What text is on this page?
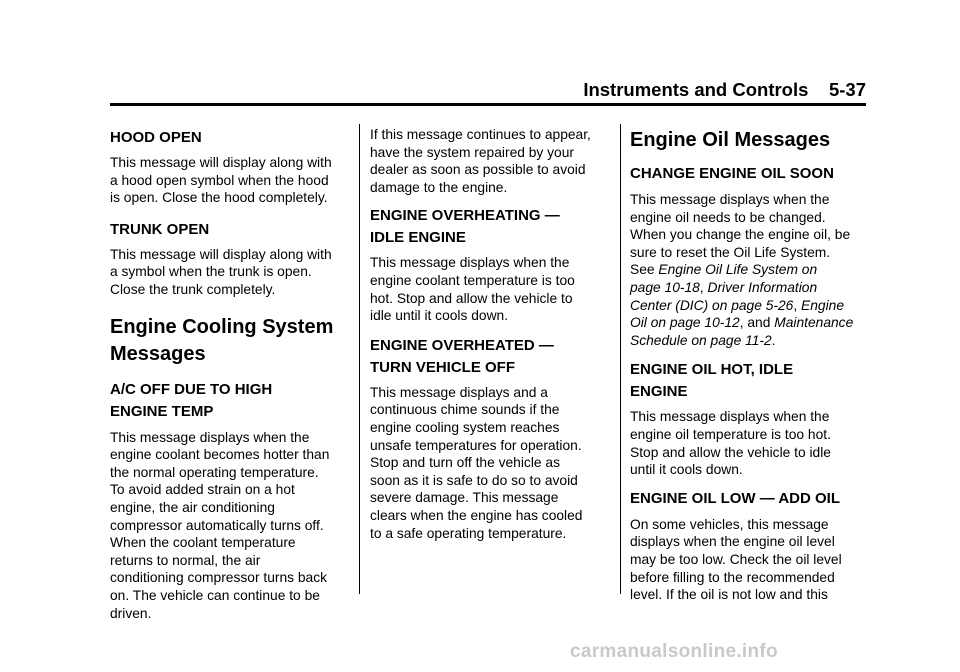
Instruments and Controls    5-37
HOOD OPEN

This message will display along with

a hood open symbol when the hood

is open. Close the hood completely.

TRUNK OPEN

This message will display along with

a symbol when the trunk is open.

Close the trunk completely.

Engine Cooling System
Messages
A/C OFF DUE TO HIGH
ENGINE TEMP

This message displays when the

engine coolant becomes hotter than

the normal operating temperature.

To avoid added strain on a hot

engine, the air conditioning

compressor automatically turns off.

When the coolant temperature

returns to normal, the air

conditioning compressor turns back

on. The vehicle can continue to be

driven.

If this message continues to appear,

have the system repaired by your

dealer as soon as possible to avoid

damage to the engine.

ENGINE OVERHEATING —
IDLE ENGINE

This message displays when the

engine coolant temperature is too

hot. Stop and allow the vehicle to

idle until it cools down.

ENGINE OVERHEATED —
TURN VEHICLE OFF

This message displays and a

continuous chime sounds if the

engine cooling system reaches

unsafe temperatures for operation.

Stop and turn off the vehicle as

soon as it is safe to do so to avoid

severe damage. This message

clears when the engine has cooled

to a safe operating temperature.

Engine Oil Messages
CHANGE ENGINE OIL SOON

This message displays when the

engine oil needs to be changed.

When you change the engine oil, be

sure to reset the Oil Life System.

See Engine Oil Life System on

page 10-18, Driver Information

Center (DIC) on page 5-26, Engine

Oil on page 10-12, and Maintenance

Schedule on page 11-2.

ENGINE OIL HOT, IDLE
ENGINE

This message displays when the

engine oil temperature is too hot.

Stop and allow the vehicle to idle

until it cools down.

ENGINE OIL LOW — ADD OIL

On some vehicles, this message

displays when the engine oil level

may be too low. Check the oil level

before filling to the recommended

level. If the oil is not low and this

carmanualsonline.info
